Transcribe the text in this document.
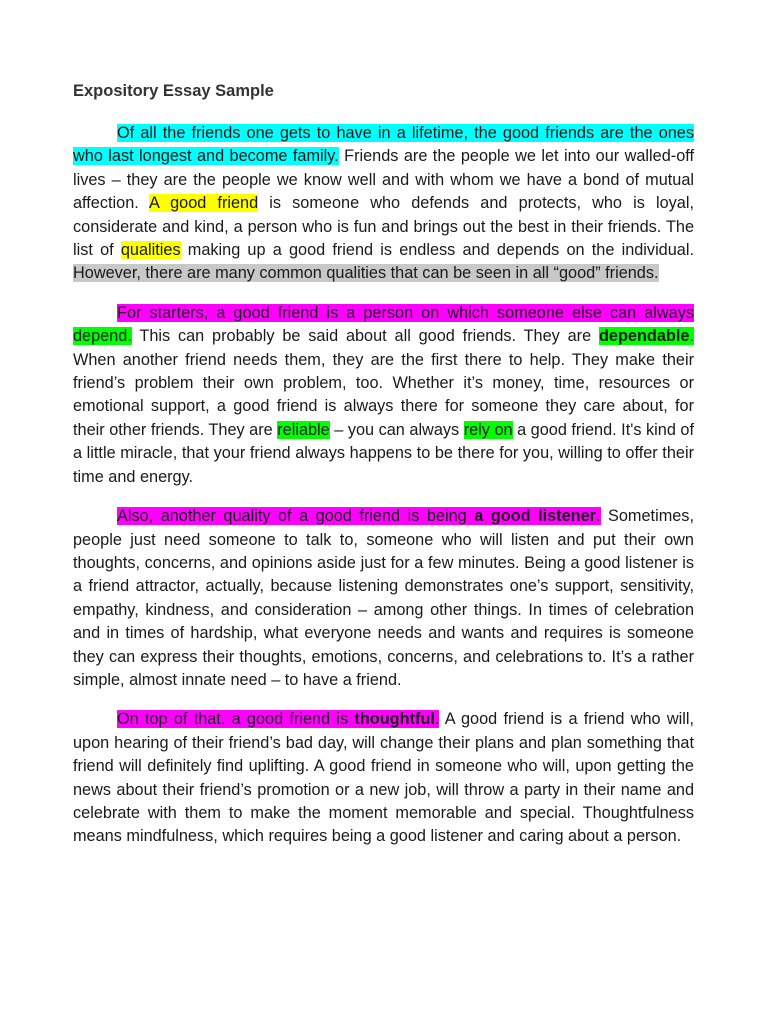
Expository Essay Sample

Of all the friends one gets to have in a lifetime, the good friends are the ones who last longest and become family. Friends are the people we let into our walled-off lives – they are the people we know well and with whom we have a bond of mutual affection. A good friend is someone who defends and protects, who is loyal, considerate and kind, a person who is fun and brings out the best in their friends. The list of qualities making up a good friend is endless and depends on the individual. However, there are many common qualities that can be seen in all “good” friends.

For starters, a good friend is a person on which someone else can always depend. This can probably be said about all good friends. They are dependable. When another friend needs them, they are the first there to help. They make their friend’s problem their own problem, too. Whether it’s money, time, resources or emotional support, a good friend is always there for someone they care about, for their other friends. They are reliable – you can always rely on a good friend. It's kind of a little miracle, that your friend always happens to be there for you, willing to offer their time and energy.

Also, another quality of a good friend is being a good listener. Sometimes, people just need someone to talk to, someone who will listen and put their own thoughts, concerns, and opinions aside just for a few minutes. Being a good listener is a friend attractor, actually, because listening demonstrates one’s support, sensitivity, empathy, kindness, and consideration – among other things. In times of celebration and in times of hardship, what everyone needs and wants and requires is someone they can express their thoughts, emotions, concerns, and celebrations to. It’s a rather simple, almost innate need – to have a friend.

On top of that, a good friend is thoughtful. A good friend is a friend who will, upon hearing of their friend’s bad day, will change their plans and plan something that friend will definitely find uplifting. A good friend in someone who will, upon getting the news about their friend’s promotion or a new job, will throw a party in their name and celebrate with them to make the moment memorable and special. Thoughtfulness means mindfulness, which requires being a good listener and caring about a person.
